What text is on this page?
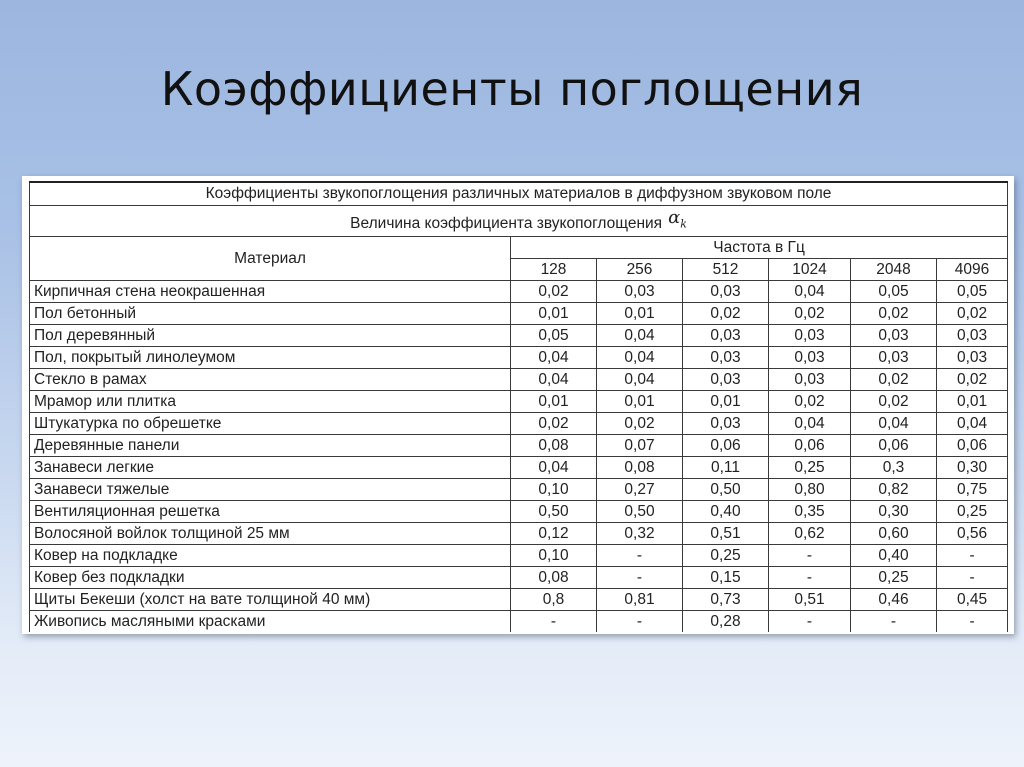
Коэффициенты поглощения
Коэффициенты звукопоглощения различных материалов в диффузном звуковом поле						
Величина коэффициента звукопоглощения $\alpha_k$
Материал	Частота в Гц					
	128	256	512	1024	2048	4096
Кирпичная стена неокрашенная	0,02	0,03	0,03	0,04	0,05	0,05
Пол бетонный	0,01	0,01	0,02	0,02	0,02	0,02
Пол деревянный	0,05	0,04	0,03	0,03	0,03	0,03
Пол, покрытый линолеумом	0,04	0,04	0,03	0,03	0,03	0,03
Стекло в рамах	0,04	0,04	0,03	0,03	0,02	0,02
Мрамор или плитка	0,01	0,01	0,01	0,02	0,02	0,01
Штукатурка по обрешетке	0,02	0,02	0,03	0,04	0,04	0,04
Деревянные панели	0,08	0,07	0,06	0,06	0,06	0,06
Занавеси легкие	0,04	0,08	0,11	0,25	0,3	0,30
Занавеси тяжелые	0,10	0,27	0,50	0,80	0,82	0,75
Вентиляционная решетка	0,50	0,50	0,40	0,35	0,30	0,25
Волосяной войлок толщиной 25 мм	0,12	0,32	0,51	0,62	0,60	0,56
Ковер на подкладке	0,10	-	0,25	-	0,40	-
Ковер без подкладки	0,08	-	0,15	-	0,25	-
Щиты Бекеши (холст на вате толщиной 40 мм)	0,8	0,81	0,73	0,51	0,46	0,45
Живопись масляными красками	-	-	0,28	-	-	-
